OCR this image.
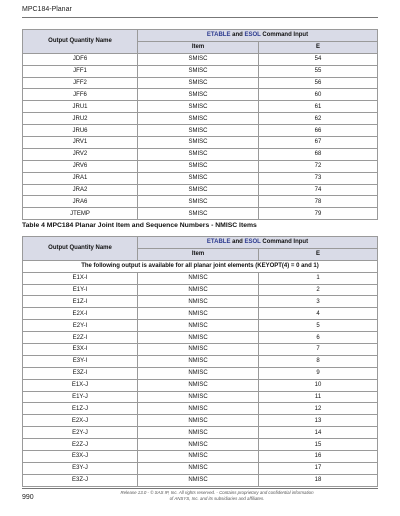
MPC184-Planar
Output Quantity Name	ETABLE and ESOL Command Input	
	Item	E
JDF6	SMISC	54
JFF1	SMISC	55
JFF2	SMISC	56
JFF6	SMISC	60
JRU1	SMISC	61
JRU2	SMISC	62
JRU6	SMISC	66
JRV1	SMISC	67
JRV2	SMISC	68
JRV6	SMISC	72
JRA1	SMISC	73
JRA2	SMISC	74
JRA6	SMISC	78
JTEMP	SMISC	79
Table 4 MPC184 Planar Joint Item and Sequence Numbers - NMISC Items
Output Quantity Name	ETABLE and ESOL Command Input	
	Item	E
The following output is available for all planar joint elements (KEYOPT(4) = 0 and 1)		
E1X-I	NMISC	1
E1Y-I	NMISC	2
E1Z-I	NMISC	3
E2X-I	NMISC	4
E2Y-I	NMISC	5
E2Z-I	NMISC	6
E3X-I	NMISC	7
E3Y-I	NMISC	8
E3Z-I	NMISC	9
E1X-J	NMISC	10
E1Y-J	NMISC	11
E1Z-J	NMISC	12
E2X-J	NMISC	13
E2Y-J	NMISC	14
E2Z-J	NMISC	15
E3X-J	NMISC	16
E3Y-J	NMISC	17
E3Z-J	NMISC	18
990
Release 13.0 - © SAS IP, Inc. All rights reserved. - Contains proprietary and confidential information
of ANSYS, Inc. and its subsidiaries and affiliates.
